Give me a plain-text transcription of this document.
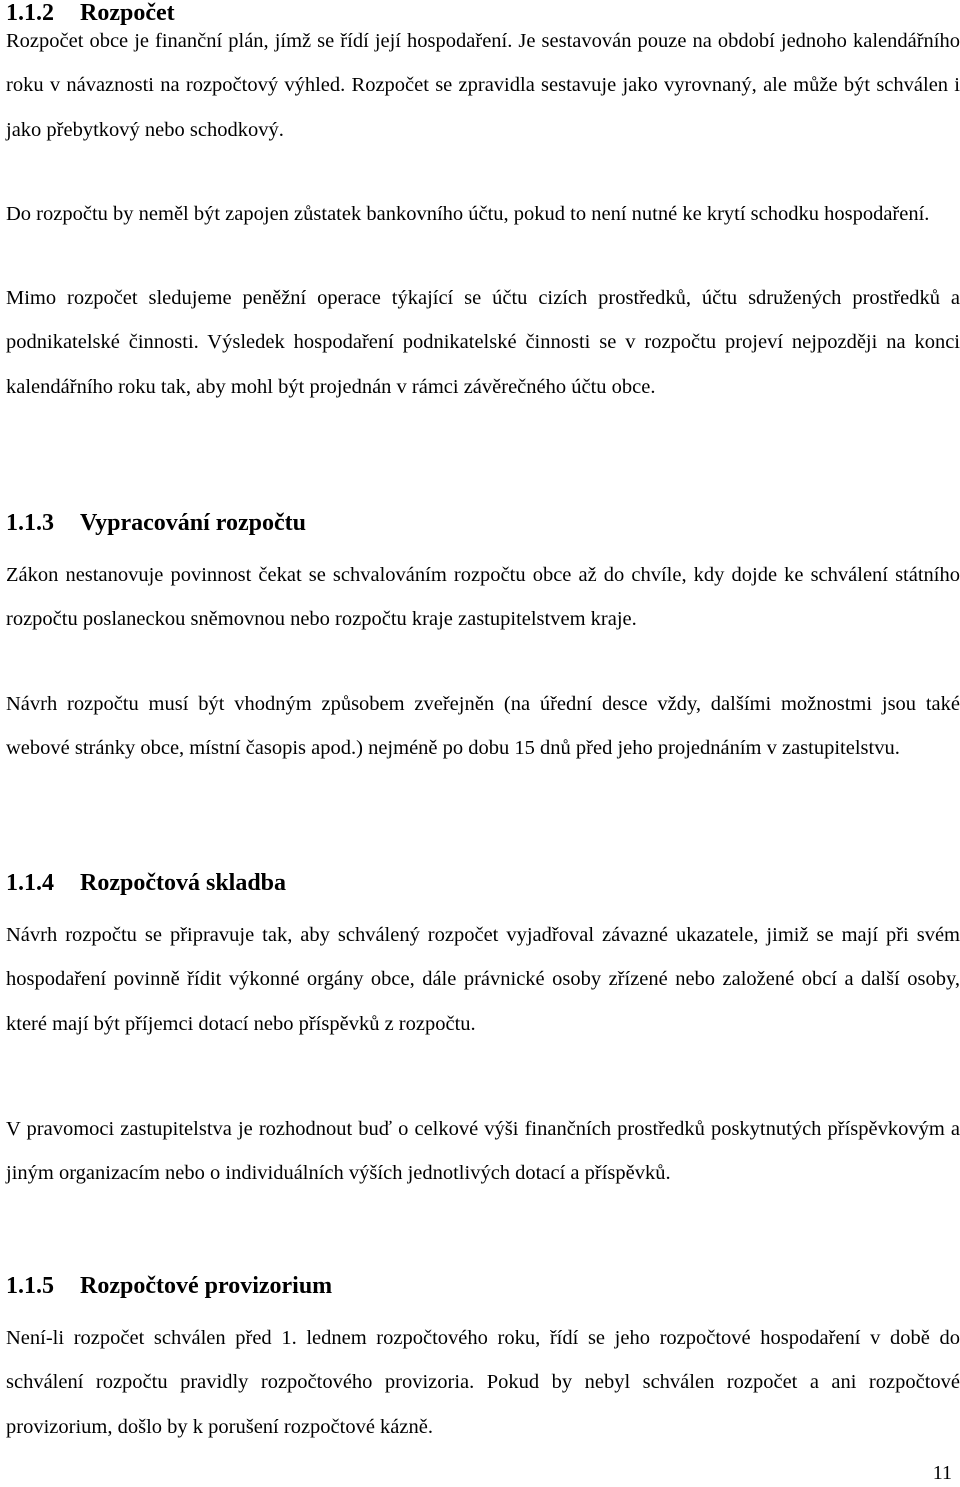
1.1.2 Rozpočet

Rozpočet obce je finanční plán, jímž se řídí její hospodaření. Je sestavován pouze na období jednoho kalendářního roku v návaznosti na rozpočtový výhled. Rozpočet se zpravidla sestavuje jako vyrovnaný, ale může být schválen i jako přebytkový nebo schodkový.

Do rozpočtu by neměl být zapojen zůstatek bankovního účtu, pokud to není nutné ke krytí schodku hospodaření.

Mimo rozpočet sledujeme peněžní operace týkající se účtu cizích prostředků, účtu sdružených prostředků a podnikatelské činnosti. Výsledek hospodaření podnikatelské činnosti se v rozpočtu projeví nejpozději na konci kalendářního roku tak, aby mohl být projednán v rámci závěrečného účtu obce.

1.1.3 Vypracování rozpočtu

Zákon nestanovuje povinnost čekat se schvalováním rozpočtu obce až do chvíle, kdy dojde ke schválení státního rozpočtu poslaneckou sněmovnou nebo rozpočtu kraje zastupitelstvem kraje.

Návrh rozpočtu musí být vhodným způsobem zveřejněn (na úřední desce vždy, dalšími možnostmi jsou také webové stránky obce, místní časopis apod.) nejméně po dobu 15 dnů před jeho projednáním v zastupitelstvu.

1.1.4 Rozpočtová skladba

Návrh rozpočtu se připravuje tak, aby schválený rozpočet vyjadřoval závazné ukazatele, jimiž se mají při svém hospodaření povinně řídit výkonné orgány obce, dále právnické osoby zřízené nebo založené obcí a další osoby, které mají být příjemci dotací nebo příspěvků z rozpočtu.

V pravomoci zastupitelstva je rozhodnout buď o celkové výši finančních prostředků poskytnutých příspěvkovým a jiným organizacím nebo o individuálních výších jednotlivých dotací a příspěvků.

1.1.5 Rozpočtové provizorium

Není-li rozpočet schválen před 1. lednem rozpočtového roku, řídí se jeho rozpočtové hospodaření v době do schválení rozpočtu pravidly rozpočtového provizoria. Pokud by nebyl schválen rozpočet a ani rozpočtové provizorium, došlo by k porušení rozpočtové kázně.

11
